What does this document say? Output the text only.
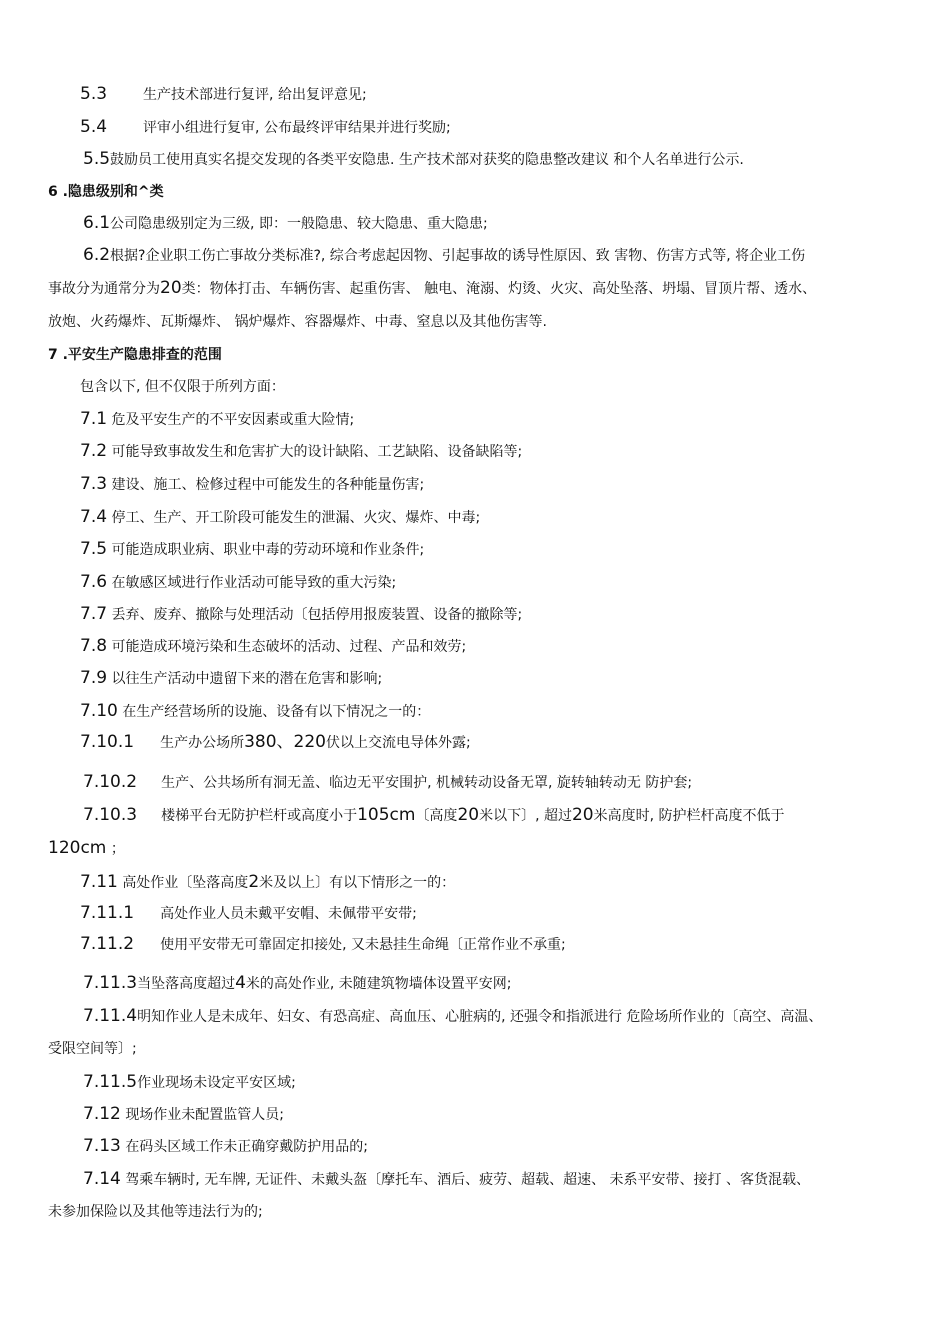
5.3	生产技术部进行复评, 给出复评意见;
5.4	评审小组进行复审, 公布最终评审结果并进行奖励;
5.5鼓励员工使用真实名提交发现的各类平安隐患. 生产技术部对获奖的隐患整改建议 和个人名单进行公示.
6 .隐患级别和^类
6.1公司隐患级别定为三级, 即：一般隐患、较大隐患、重大隐患;
6.2根据?企业职工伤亡事故分类标准?, 综合考虑起因物、引起事故的诱导性原因、致 害物、伤害方式等, 将企业工伤
事故分为通常分为20类：物体打击、车辆伤害、起重伤害、 触电、淹溺、灼烫、火灾、高处坠落、坍塌、冒顶片帮、透水、
放炮、火药爆炸、瓦斯爆炸、 锅炉爆炸、容器爆炸、中毒、窒息以及其他伤害等.
7 .平安生产隐患排查的范围
包含以下, 但不仅限于所列方面：
7.1 危及平安生产的不平安因素或重大险情;
7.2 可能导致事故发生和危害扩大的设计缺陷、工艺缺陷、设备缺陷等;
7.3 建设、施工、检修过程中可能发生的各种能量伤害;
7.4 停工、生产、开工阶段可能发生的泄漏、火灾、爆炸、中毒;
7.5 可能造成职业病、职业中毒的劳动环境和作业条件;
7.6 在敏感区域进行作业活动可能导致的重大污染;
7.7 丢弃、废弃、撤除与处理活动〔包括停用报废装置、设备的撤除等;
7.8 可能造成环境污染和生态破坏的活动、过程、产品和效劳;
7.9 以往生产活动中遗留下来的潜在危害和影响;
7.10 在生产经营场所的设施、设备有以下情况之一的：
7.10.1 生产办公场所380、220伏以上交流电导体外露;
7.10.2 生产、公共场所有洞无盖、临边无平安围护, 机械转动设备无罩, 旋转轴转动无 防护套;
7.10.3 楼梯平台无防护栏杆或高度小于105cm〔高度20米以下〕, 超过20米高度时, 防护栏杆高度不低于
120cm ；
7.11 高处作业〔坠落高度2米及以上〕有以下情形之一的：
7.11.1 高处作业人员未戴平安帽、未佩带平安带;
7.11.2 使用平安带无可靠固定扣接处, 又未悬挂生命绳〔正常作业不承重;
7.11.3当坠落高度超过4米的高处作业, 未随建筑物墙体设置平安网;
7.11.4明知作业人是未成年、妇女、有恐高症、高血压、心脏病的, 还强令和指派进行 危险场所作业的〔高空、高温、
受限空间等〕;
7.11.5作业现场未设定平安区域;
7.12 现场作业未配置监管人员;
7.13 在码头区域工作未正确穿戴防护用品的;
7.14 驾乘车辆时, 无车牌, 无证件、未戴头盔〔摩托车、酒后、疲劳、超载、超速、 未系平安带、接打 、客货混载、
未参加保险以及其他等违法行为的;
